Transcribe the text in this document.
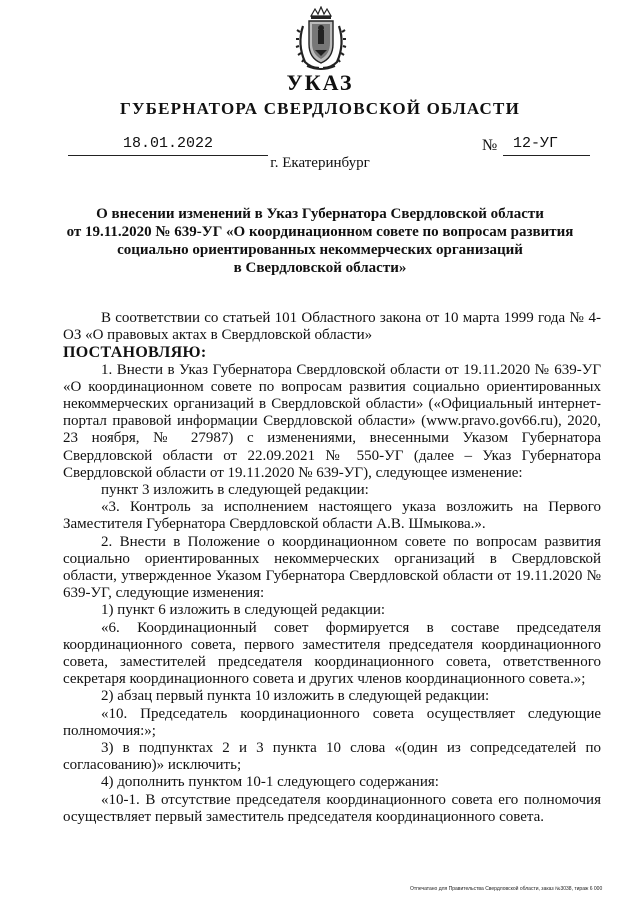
УКАЗ
ГУБЕРНАТОРА СВЕРДЛОВСКОЙ ОБЛАСТИ
18.01.2022	№	12-УГ
г. Екатеринбург
О внесении изменений в Указ Губернатора Свердловской области
от 19.11.2020 № 639-УГ «О координационном совете по вопросам развития
социально ориентированных некоммерческих организаций
в Свердловской области»

В соответствии со статьей 101 Областного закона от 10 марта 1999 года № 4-ОЗ «О правовых актах в Свердловской области»

ПОСТАНОВЛЯЮ:

1. Внести в Указ Губернатора Свердловской области от 19.11.2020 № 639-УГ «О координационном совете по вопросам развития социально ориентированных некоммерческих организаций в Свердловской области» («Официальный интернет-портал правовой информации Свердловской области» (www.pravo.gov66.ru), 2020, 23 ноября, № 27987) с изменениями, внесенными Указом Губернатора Свердловской области от 22.09.2021 № 550-УГ (далее – Указ Губернатора Свердловской области от 19.11.2020 № 639-УГ), следующее изменение:

пункт 3 изложить в следующей редакции:

«3. Контроль за исполнением настоящего указа возложить на Первого Заместителя Губернатора Свердловской области А.В. Шмыкова.».

2. Внести в Положение о координационном совете по вопросам развития социально ориентированных некоммерческих организаций в Свердловской области, утвержденное Указом Губернатора Свердловской области от 19.11.2020 № 639-УГ, следующие изменения:

1) пункт 6 изложить в следующей редакции:

«6. Координационный совет формируется в составе председателя координационного совета, первого заместителя председателя координационного совета, заместителей председателя координационного совета, ответственного секретаря координационного совета и других членов координационного совета.»;

2) абзац первый пункта 10 изложить в следующей редакции:

«10. Председатель координационного совета осуществляет следующие полномочия:»;

3) в подпунктах 2 и 3 пункта 10 слова «(один из сопредседателей по согласованию)» исключить;

4) дополнить пунктом 10-1 следующего содержания:

«10-1. В отсутствие председателя координационного совета его полномочия осуществляет первый заместитель председателя координационного совета.

Отпечатано для Правительства Свердловской области, заказ №3038, тираж 6 000
